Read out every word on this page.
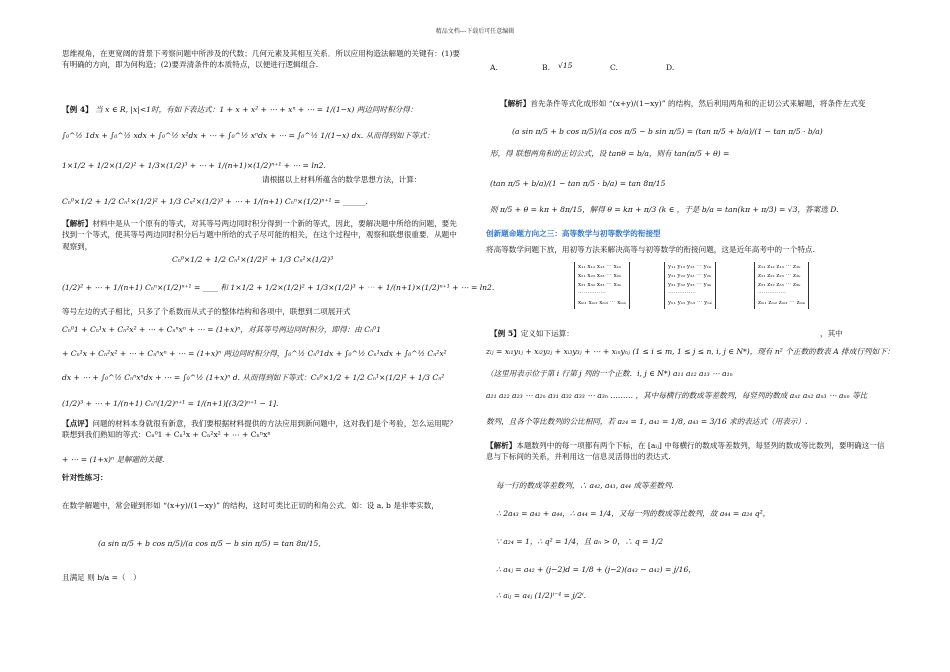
精品文档---下载后可任意编辑
思维视角，在更宽阔的背景下考察问题中所涉及的代数；几何元素及其相互关系．所以应用构造法解题的关键有：(1)要有明确的方向，即为何构造；(2)要弄清条件的本质特点，以便进行逻辑组合.
【例 4】 当 x ∈ R, |x|<1时，有如下表达式：1 + x + x² + ⋯ + xⁿ + ⋯ = 1/(1−x) 两边同时积分得：
∫₀^½ 1dx + ∫₀^½ xdx + ∫₀^½ x²dx + ⋯ + ∫₀^½ xⁿdx + ⋯ = ∫₀^½ 1/(1−x) dx. 从而得到如下等式：
1×1/2 + 1/2×(1/2)² + 1/3×(1/2)³ + ⋯ + 1/(n+1)×(1/2)ⁿ⁺¹ + ⋯ = ln2.
请根据以上材料所蕴含的数学思想方法，计算：
Cₙ⁰×1/2 + 1/2 Cₙ¹×(1/2)² + 1/3 Cₙ²×(1/2)³ + ⋯ + 1/(n+1) Cₙⁿ×(1/2)ⁿ⁺¹ = ______.
【解析】材料中是从一个原有的等式，对其等号两边同时积分得到一个新的等式，因此，要解决题中所给的问题，要先找到一个等式，使其等号两边同时积分后与题中所给的式子尽可能的相关，在这个过程中，观察和联想很重要．从题中观察到，
Cₙ⁰×1/2 + 1/2 Cₙ¹×(1/2)² + 1/3 Cₙ²×(1/2)³
(1/2)² + ⋯ + 1/(n+1) Cₙⁿ×(1/2)ⁿ⁺¹ = ____ 和 1×1/2 + 1/2×(1/2)² + 1/3×(1/2)³ + ⋯ + 1/(n+1)×(1/2)ⁿ⁺¹ + ⋯ = ln2.
等号左边的式子相比，只多了个系数而从式子的整体结构和各项中，联想到二项展开式
Cₙ⁰1 + Cₙ¹x + Cₙ²x² + ⋯ + Cₙⁿxⁿ + ⋯ = (1+x)ⁿ，对其等号两边同时积分，即得：由 Cₙ⁰1
+ Cₙ¹x + Cₙ²x² + ⋯ + Cₙⁿxⁿ + ⋯ = (1+x)ⁿ 两边同时积分得，∫₀^½ Cₙ⁰1dx + ∫₀^½ Cₙ¹xdx + ∫₀^½ Cₙ²x²
dx + ⋯ + ∫₀^½ Cₙⁿxⁿdx + ⋯ = ∫₀^½ (1+x)ⁿ d. 从而得到如下等式：Cₙ⁰×1/2 + 1/2 Cₙ¹×(1/2)² + 1/3 Cₙ²
(1/2)³ + ⋯ + 1/(n+1) Cₙⁿ(1/2)ⁿ⁺¹ = 1/(n+1)[(3/2)ⁿ⁺¹ − 1].
【点评】问题的材料本身就很有新意，我们要根据材料提供的方法应用到新问题中，这对我们是个考验，怎么运用呢？联想到我们熟知的等式：Cₙ⁰1 + Cₙ¹x + Cₙ²x² + ⋯ + Cₙⁿxⁿ
+ ⋯ = (1+x)ⁿ 是解题的关键.
针对性练习：
在数学解题中，常会碰到形如 “(x+y)/(1−xy)” 的结构，这时可类比正切的和角公式．如：设 a, b 是非零实数，
(a sin π/5 + b cos π/5)/(a cos π/5 − b sin π/5) = tan 8π/15,
且满足 则 b/a =（　）
A.	B. √15	C.	D.
【解析】首先条件等式化成形如 “(x+y)/(1−xy)” 的结构，然后利用两角和的正切公式来解题，将条件左式变
(a sin π/5 + b cos π/5)/(a cos π/5 − b sin π/5) = (tan π/5 + b/a)/(1 − tan π/5 · b/a)
形，得 联想两角和的正切公式，设 tanθ = b/a，则有 tan(π/5 + θ) =
(tan π/5 + b/a)/(1 − tan π/5 · b/a) = tan 8π/15
则 π/5 + θ = kπ + 8π/15，解得 θ = kπ + π/3 (k ∈ ，于是 b/a = tan(kπ + π/3) = √3，答案选 D.
创新题命题方向之三：高等数学与初等数学的衔接型
将高等数学问题下放，用初等方法来解决高等与初等数学的衔接问题，这是近年高考中的一个特点.
x₁₁ x₁₂ x₁₃ ⋯ x₁ₙ
x₂₁ x₂₂ x₂₃ ⋯ x₂ₙ
x₃₁ x₃₂ x₃₃ ⋯ x₃ₙ
⋯⋯⋯⋯⋯
xₘ₁ xₘ₂ xₘ₃ ⋯ xₘₙ
y₁₁ y₁₂ y₁₃ ⋯ y₁ₖ
y₂₁ y₂₂ y₂₃ ⋯ y₂ₖ
y₃₁ y₃₂ y₃₃ ⋯ y₃ₖ
⋯⋯⋯⋯⋯
yₙ₁ yₙ₂ yₙ₃ ⋯ yₙₖ
z₁₁ z₁₂ z₁₃ ⋯ z₁ₖ
z₂₁ z₂₂ z₂₃ ⋯ z₂ₖ
z₃₁ z₃₂ z₃₃ ⋯ z₃ₖ
⋯⋯⋯⋯⋯
zₘ₁ zₘ₂ zₘ₃ ⋯ zₘₖ
【例 5】定义如下运算：	，其中
zᵢⱼ = xᵢ₁y₁ⱼ + xᵢ₂y₂ⱼ + xᵢ₃y₃ⱼ + ⋯ + xᵢₙyₙⱼ (1 ≤ i ≤ m, 1 ≤ j ≤ n, i, j ∈ N*)，现有 n² 个正数的数表 A 排成行列如下：
（这里用表示位于第 i 行第 j 列的一个正数．i, j ∈ N*) a₁₁ a₁₂ a₁₃ ⋯ a₁ₙ
a₂₁ a₂₂ a₂₃ ⋯ a₂ₙ a₃₁ a₃₂ a₃₃ ⋯ a₃ₙ ……… ，其中每横行的数成等差数列，每竖列的数成 aₙ₁ aₙ₂ aₙ₃ ⋯ aₙₙ 等比
数列，且各个等比数列的公比相同，若 a₂₄ = 1, a₄₂ = 1/8, a₄₃ = 3/16 求的表达式（用表示）.
【解析】本题数列中的每一项都有两个下标，在 [aᵢⱼ] 中每横行的数成等差数列，每竖列的数成等比数列，要明确这一信息与下标间的关系，并利用这一信息灵活得出的表达式.
每一行的数成等差数列，∴ a₄₂, a₄₃, a₄₄ 成等差数列.
∴ 2a₄₃ = a₄₂ + a₄₄，∴ a₄₄ = 1/4，又每一列的数成等比数列，故 a₄₄ = a₂₄ q²，
∵ a₂₄ = 1，∴ q² = 1/4，且 aₙ > 0，∴ q = 1/2
∴ a₄ⱼ = a₄₂ + (j−2)d = 1/8 + (j−2)(a₄₃ − a₄₂) = j/16，
∴ aᵢⱼ = a₄ⱼ (1/2)ⁱ⁻⁴ = j/2ⁱ.
